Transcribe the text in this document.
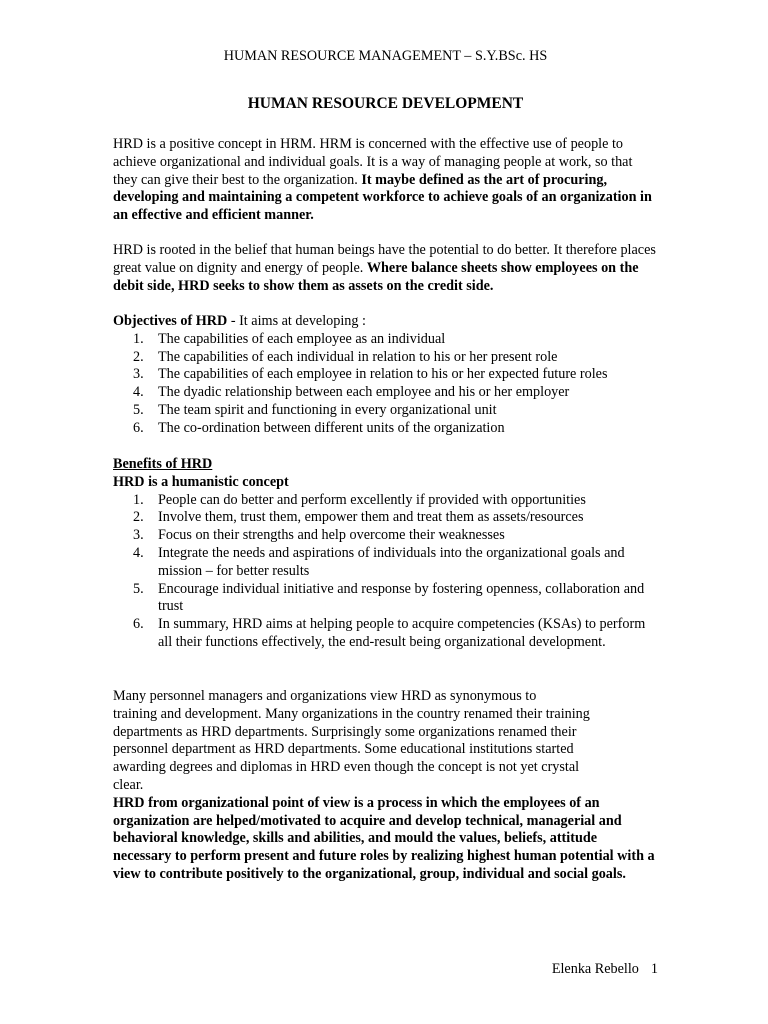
HUMAN RESOURCE MANAGEMENT – S.Y.BSc. HS
HUMAN RESOURCE DEVELOPMENT

HRD is a positive concept in HRM. HRM is concerned with the effective use of people to achieve organizational and individual goals. It is a way of managing people at work, so that they can give their best to the organization. It maybe defined as the art of procuring, developing and maintaining a competent workforce to achieve goals of an organization in an effective and efficient manner.

HRD is rooted in the belief that human beings have the potential to do better. It therefore places great value on dignity and energy of people. Where balance sheets show employees on the debit side, HRD seeks to show them as assets on the credit side.

Objectives of HRD - It aims at developing :

1.	The capabilities of each employee as an individual
2.	The capabilities of each individual in relation to his or her present role
3.	The capabilities of each employee in relation to his or her expected future roles
4.	The dyadic relationship between each employee and his or her employer
5.	The team spirit and functioning in every organizational unit
6.	The co-ordination between different units of the organization

Benefits of HRD

HRD is a humanistic concept

1.	People can do better and perform excellently if provided with opportunities
2.	Involve them, trust them, empower them and treat them as assets/resources
3.	Focus on their strengths and help overcome their weaknesses
4.	Integrate the needs and aspirations of individuals into the organizational goals and mission – for better results
5.	Encourage individual initiative and response by fostering openness, collaboration and trust
6.	In summary, HRD aims at helping people to acquire competencies (KSAs) to perform all their functions effectively, the end-result being organizational development.
Many personnel managers and organizations view HRD as synonymous to
training and development. Many organizations in the country renamed their training
departments as HRD departments. Surprisingly some organizations renamed their
personnel department as HRD departments. Some educational institutions started
awarding degrees and diplomas in HRD even though the concept is not yet crystal
clear.

HRD from organizational point of view is a process in which the employees of an organization are helped/motivated to acquire and develop technical, managerial and behavioral knowledge, skills and abilities, and mould the values, beliefs, attitude necessary to perform present and future roles by realizing highest human potential with a view to contribute positively to the organizational, group, individual and social goals.

Elenka Rebello 1
